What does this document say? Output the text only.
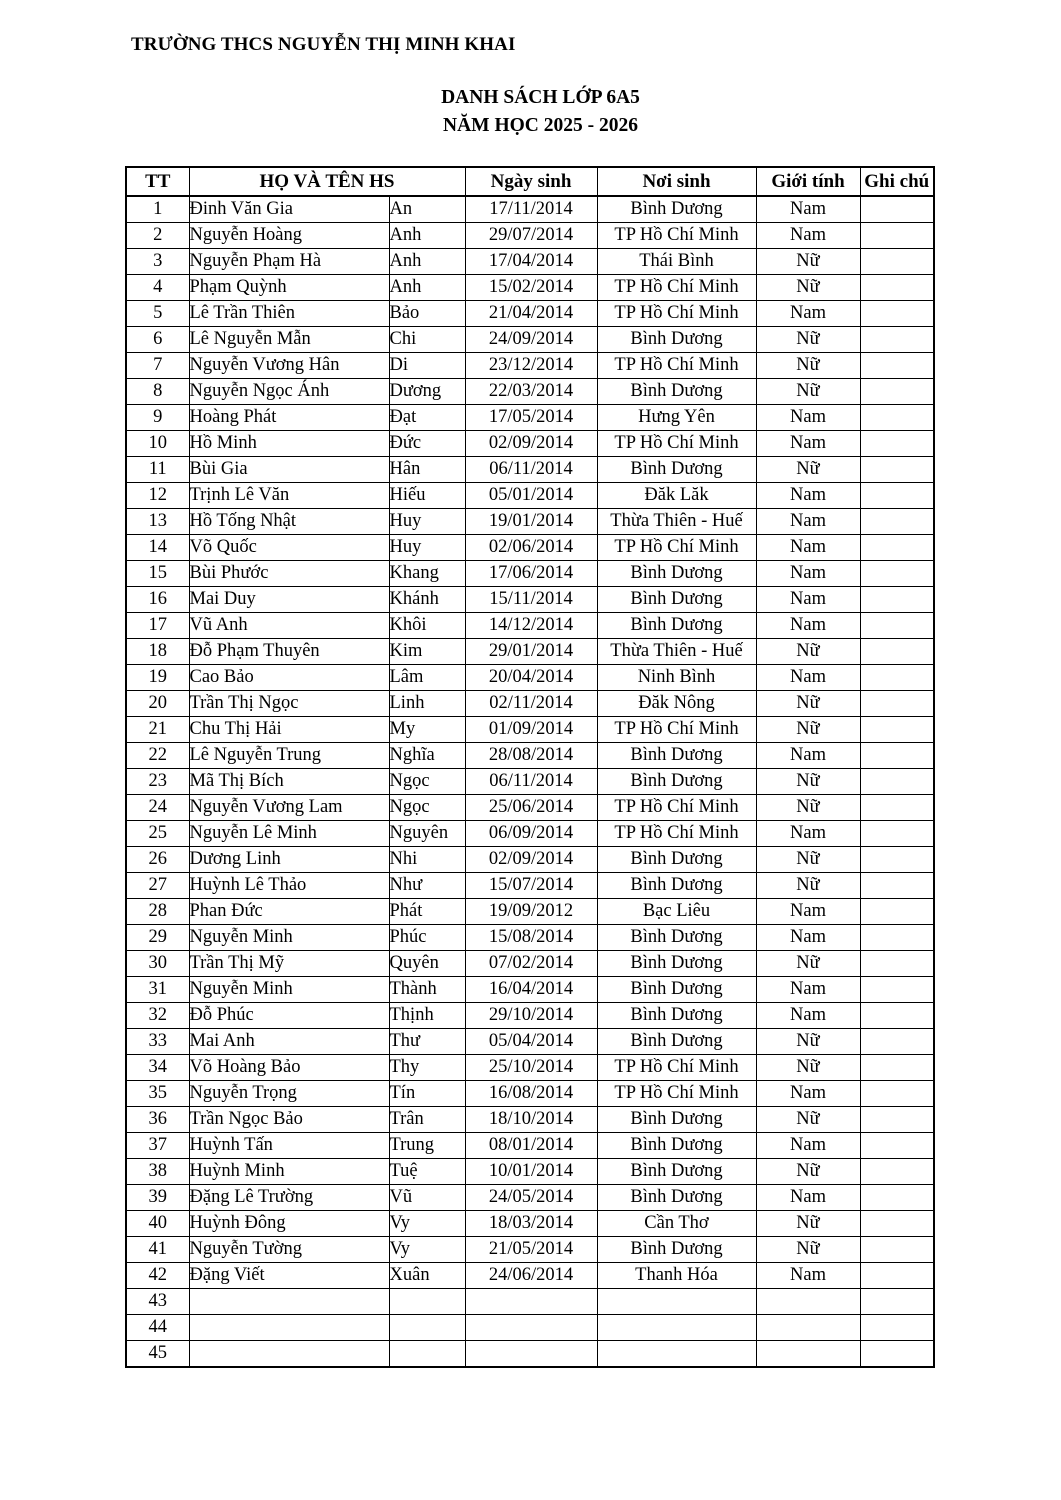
TRƯỜNG THCS NGUYỄN THỊ MINH KHAI
DANH SÁCH LỚP 6A5
NĂM HỌC 2025 - 2026
TT	HỌ VÀ TÊN HS		Ngày sinh	Nơi sinh	Giới tính	Ghi chú
1	Đinh Văn Gia	An	17/11/2014	Bình Dương	Nam	
2	Nguyễn Hoàng	Anh	29/07/2014	TP Hồ Chí Minh	Nam	
3	Nguyễn Phạm Hà	Anh	17/04/2014	Thái Bình	Nữ	
4	Phạm Quỳnh	Anh	15/02/2014	TP Hồ Chí Minh	Nữ	
5	Lê Trần Thiên	Bảo	21/04/2014	TP Hồ Chí Minh	Nam	
6	Lê Nguyễn Mẫn	Chi	24/09/2014	Bình Dương	Nữ	
7	Nguyễn Vương Hân	Di	23/12/2014	TP Hồ Chí Minh	Nữ	
8	Nguyễn Ngọc Ánh	Dương	22/03/2014	Bình Dương	Nữ	
9	Hoàng Phát	Đạt	17/05/2014	Hưng Yên	Nam	
10	Hồ Minh	Đức	02/09/2014	TP Hồ Chí Minh	Nam	
11	Bùi Gia	Hân	06/11/2014	Bình Dương	Nữ	
12	Trịnh Lê Văn	Hiếu	05/01/2014	Đăk Lăk	Nam	
13	Hồ Tống Nhật	Huy	19/01/2014	Thừa Thiên - Huế	Nam	
14	Võ Quốc	Huy	02/06/2014	TP Hồ Chí Minh	Nam	
15	Bùi Phước	Khang	17/06/2014	Bình Dương	Nam	
16	Mai Duy	Khánh	15/11/2014	Bình Dương	Nam	
17	Vũ Anh	Khôi	14/12/2014	Bình Dương	Nam	
18	Đỗ Phạm Thuyên	Kim	29/01/2014	Thừa Thiên - Huế	Nữ	
19	Cao Bảo	Lâm	20/04/2014	Ninh Bình	Nam	
20	Trần Thị Ngọc	Linh	02/11/2014	Đăk Nông	Nữ	
21	Chu Thị Hải	My	01/09/2014	TP Hồ Chí Minh	Nữ	
22	Lê Nguyễn Trung	Nghĩa	28/08/2014	Bình Dương	Nam	
23	Mã Thị Bích	Ngọc	06/11/2014	Bình Dương	Nữ	
24	Nguyễn Vương Lam	Ngọc	25/06/2014	TP Hồ Chí Minh	Nữ	
25	Nguyễn Lê Minh	Nguyên	06/09/2014	TP Hồ Chí Minh	Nam	
26	Dương Linh	Nhi	02/09/2014	Bình Dương	Nữ	
27	Huỳnh Lê Thảo	Như	15/07/2014	Bình Dương	Nữ	
28	Phan Đức	Phát	19/09/2012	Bạc Liêu	Nam	
29	Nguyễn Minh	Phúc	15/08/2014	Bình Dương	Nam	
30	Trần Thị Mỹ	Quyên	07/02/2014	Bình Dương	Nữ	
31	Nguyễn Minh	Thành	16/04/2014	Bình Dương	Nam	
32	Đỗ Phúc	Thịnh	29/10/2014	Bình Dương	Nam	
33	Mai Anh	Thư	05/04/2014	Bình Dương	Nữ	
34	Võ Hoàng Bảo	Thy	25/10/2014	TP Hồ Chí Minh	Nữ	
35	Nguyễn Trọng	Tín	16/08/2014	TP Hồ Chí Minh	Nam	
36	Trần Ngọc Bảo	Trân	18/10/2014	Bình Dương	Nữ	
37	Huỳnh Tấn	Trung	08/01/2014	Bình Dương	Nam	
38	Huỳnh Minh	Tuệ	10/01/2014	Bình Dương	Nữ	
39	Đặng Lê Trường	Vũ	24/05/2014	Bình Dương	Nam	
40	Huỳnh Đông	Vy	18/03/2014	Cần Thơ	Nữ	
41	Nguyễn Tường	Vy	21/05/2014	Bình Dương	Nữ	
42	Đặng Viết	Xuân	24/06/2014	Thanh Hóa	Nam	
43						
44						
45						
